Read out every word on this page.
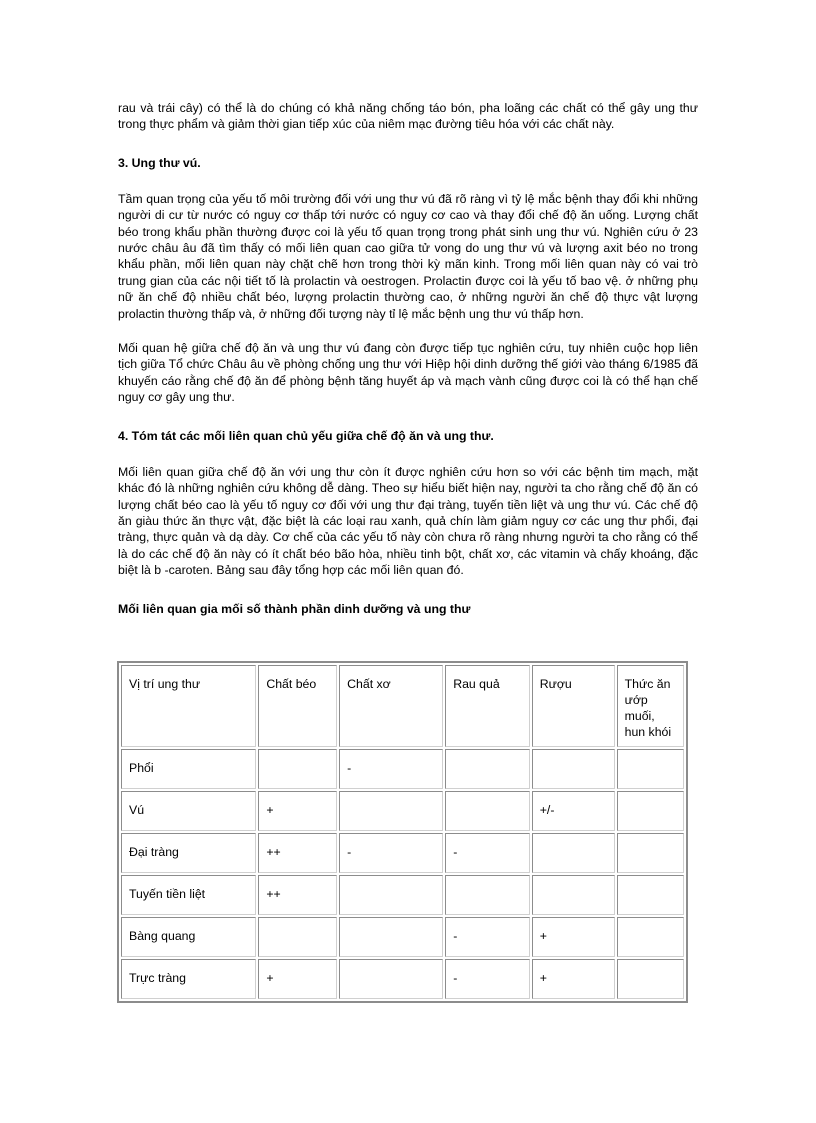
rau và trái cây) có thể là do chúng có khả năng chống táo bón, pha loãng các chất có thể gây ung thư trong thực phẩm và giảm thời gian tiếp xúc của niêm mạc đường tiêu hóa với các chất này.

3. Ung thư vú.

Tầm quan trọng của yếu tố môi trường đối với ung thư vú đã rõ ràng vì tỷ lệ mắc bệnh thay đổi khi những người di cư từ nước có nguy cơ thấp tới nước có nguy cơ cao và thay đổi chế độ ăn uống. Lượng chất béo trong khẩu phần thường được coi là yếu tố quan trọng trong phát sinh ung thư vú. Nghiên cứu ở 23 nước châu âu đã tìm thấy có mối liên quan cao giữa tử vong do ung thư vú và lượng axit béo no trong khẩu phần, mối liên quan này chặt chẽ hơn trong thời kỳ mãn kinh. Trong mối liên quan này có vai trò trung gian của các nội tiết tố là prolactin và oestrogen. Prolactin được coi là yếu tố bao vệ. ở những phụ nữ ăn chế độ nhiều chất béo, lượng prolactin thường cao, ở những người ăn chế độ thực vật lượng prolactin thường thấp và, ở những đối tượng này tỉ lệ mắc bệnh ung thư vú thấp hơn.

Mối quan hệ giữa chế độ ăn và ung thư vú đang còn được tiếp tục nghiên cứu, tuy nhiên cuộc họp liên tịch giữa Tổ chức Châu âu về phòng chống ung thư với Hiệp hội dinh dưỡng thế giới vào tháng 6/1985 đã khuyến cáo rằng chế độ ăn để phòng bệnh tăng huyết áp và mạch vành cũng được coi là có thể hạn chế nguy cơ gây ung thư.

4. Tóm tát các mối liên quan chủ yếu giữa chế độ ăn và ung thư.

Mối liên quan giữa chế độ ăn với ung thư còn ít được nghiên cứu hơn so với các bệnh tim mạch, mặt khác đó là những nghiên cứu không dễ dàng. Theo sự hiểu biết hiện nay, người ta cho rằng chế độ ăn có lượng chất béo cao là yếu tố nguy cơ đối với ung thư đại tràng, tuyến tiền liệt và ung thư vú. Các chế độ ăn giàu thức ăn thực vật, đặc biệt là các loại rau xanh, quả chín làm giảm nguy cơ các ung thư phổi, đại tràng, thực quản và dạ dày. Cơ chế của các yếu tố này còn chưa rõ ràng nhưng người ta cho rằng có thể là do các chế độ ăn này có ít chất béo bão hòa, nhiều tinh bột, chất xơ, các vitamin và chấy khoáng, đặc biệt là b -caroten. Bảng sau đây tổng hợp các mối liên quan đó.

Mối liên quan gia mối số thành phần dinh dưỡng và ung thư
Vị trí ung thư	Chất béo	Chất xơ	Rau quả	Rượu	Thức ăn ướp muối, hun khói
Phổi		-			
Vú	+			+/-	
Đại tràng	++	-	-		
Tuyến tiền liệt	++				
Bàng quang			-	+	
Trực tràng	+		-	+	
